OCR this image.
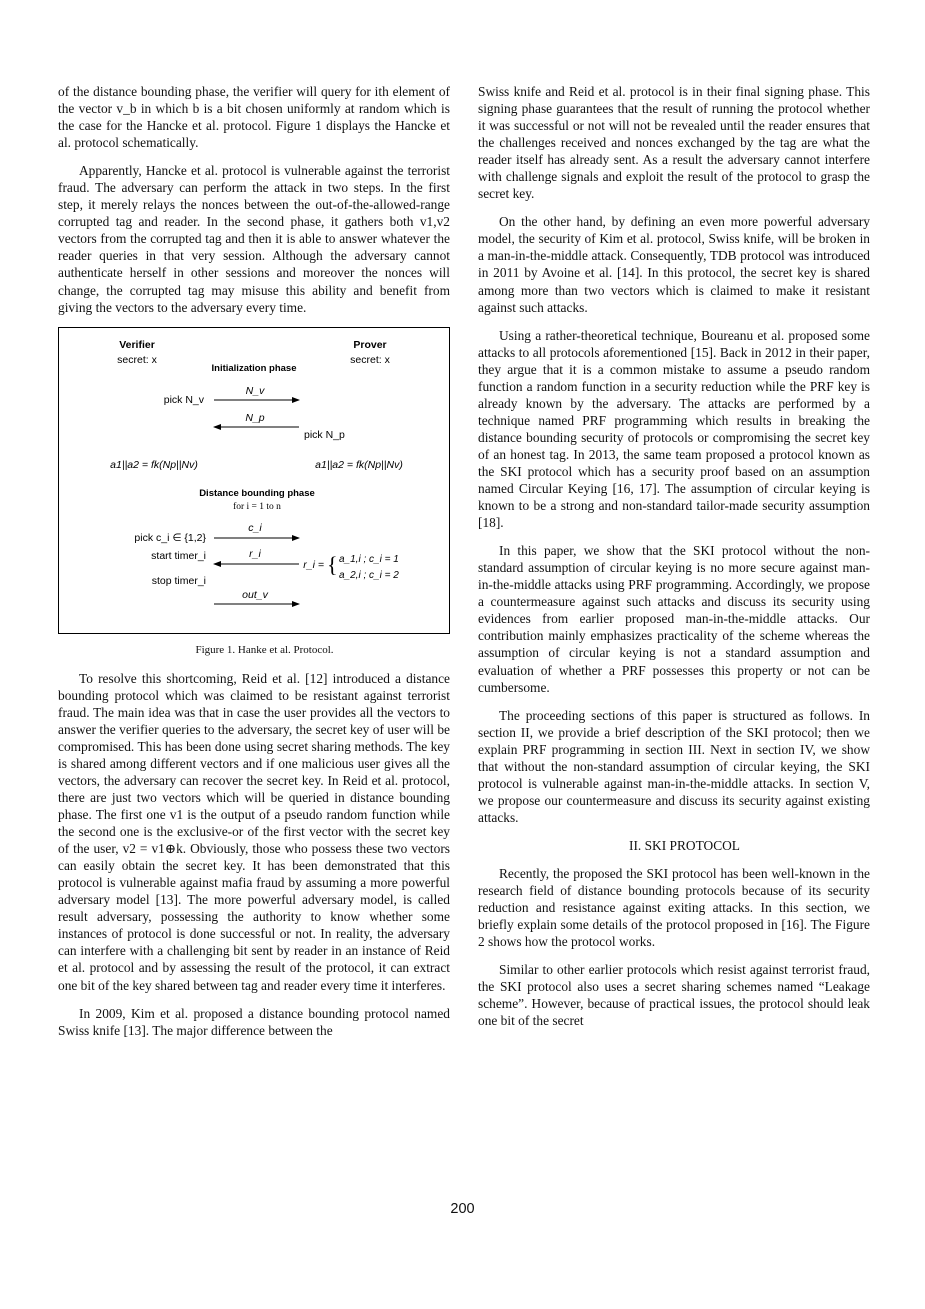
of the distance bounding phase, the verifier will query for ith element of the vector v_b in which b is a bit chosen uniformly at random which is the case for the Hancke et al. protocol. Figure 1 displays the Hancke et al. protocol schematically.

Apparently, Hancke et al. protocol is vulnerable against the terrorist fraud. The adversary can perform the attack in two steps. In the first step, it merely relays the nonces between the out-of-the-allowed-range corrupted tag and reader. In the second phase, it gathers both v1,v2 vectors from the corrupted tag and then it is able to answer whatever the reader queries in that very session. Although the adversary cannot authenticate herself in other sessions and moreover the nonces will change, the corrupted tag may misuse this ability and benefit from giving the vectors to the adversary every time.

Verifier
secret: x
Prover
secret: x
Initialization phase
N_v
pick N_v
N_p
pick N_p
a1||a2 = fk(Np||Nv)	a1||a2 = fk(Np||Nv)
Distance bounding phase
for i = 1 to n
c_i
pick c_i ∈ {1,2}
r_i
start timer_i
stop timer_i
r_i = { a_1,i ; c_i = 1
a_2,i ; c_i = 2
out_v

Figure 1. Hanke et al. Protocol.

To resolve this shortcoming, Reid et al. [12] introduced a distance bounding protocol which was claimed to be resistant against terrorist fraud. The main idea was that in case the user provides all the vectors to answer the verifier queries to the adversary, the secret key of user will be compromised. This has been done using secret sharing methods. The key is shared among different vectors and if one malicious user gives all the vectors, the adversary can recover the secret key. In Reid et al. protocol, there are just two vectors which will be queried in distance bounding phase. The first one v1 is the output of a pseudo random function while the second one is the exclusive-or of the first vector with the secret key of the user, v2 = v1⊕k. Obviously, those who possess these two vectors can easily obtain the secret key. It has been demonstrated that this protocol is vulnerable against mafia fraud by assuming a more powerful adversary model [13]. The more powerful adversary model, is called result adversary, possessing the authority to know whether some instances of protocol is done successful or not. In reality, the adversary can interfere with a challenging bit sent by reader in an instance of Reid et al. protocol and by assessing the result of the protocol, it can extract one bit of the key shared between tag and reader every time it interferes.

In 2009, Kim et al. proposed a distance bounding protocol named Swiss knife [13]. The major difference between the

Swiss knife and Reid et al. protocol is in their final signing phase. This signing phase guarantees that the result of running the protocol whether it was successful or not will not be revealed until the reader ensures that the challenges received and nonces exchanged by the tag are what the reader itself has already sent. As a result the adversary cannot interfere with challenge signals and exploit the result of the protocol to grasp the secret key.

On the other hand, by defining an even more powerful adversary model, the security of Kim et al. protocol, Swiss knife, will be broken in a man-in-the-middle attack. Consequently, TDB protocol was introduced in 2011 by Avoine et al. [14]. In this protocol, the secret key is shared among more than two vectors which is claimed to make it resistant against such attacks.

Using a rather-theoretical technique, Boureanu et al. proposed some attacks to all protocols aforementioned [15]. Back in 2012 in their paper, they argue that it is a common mistake to assume a pseudo random function a random function in a security reduction while the PRF key is already known by the adversary. The attacks are performed by a technique named PRF programming which results in breaking the distance bounding security of protocols or compromising the secret key of an honest tag. In 2013, the same team proposed a protocol known as the SKI protocol which has a security proof based on an assumption named Circular Keying [16, 17]. The assumption of circular keying is known to be a strong and non-standard tailor-made security assumption [18].

In this paper, we show that the SKI protocol without the non-standard assumption of circular keying is no more secure against man-in-the-middle attacks using PRF programming. Accordingly, we propose a countermeasure against such attacks and discuss its security using evidences from earlier proposed man-in-the-middle attacks. Our contribution mainly emphasizes practicality of the scheme whereas the assumption of circular keying is not a standard assumption and evaluation of whether a PRF possesses this property or not can be cumbersome.

The proceeding sections of this paper is structured as follows. In section II, we provide a brief description of the SKI protocol; then we explain PRF programming in section III. Next in section IV, we show that without the non-standard assumption of circular keying, the SKI protocol is vulnerable against man-in-the-middle attacks. In section V, we propose our countermeasure and discuss its security against existing attacks.

II. SKI PROTOCOL

Recently, the proposed the SKI protocol has been well-known in the research field of distance bounding protocols because of its security reduction and resistance against exiting attacks. In this section, we briefly explain some details of the protocol proposed in [16]. The Figure 2 shows how the protocol works.

Similar to other earlier protocols which resist against terrorist fraud, the SKI protocol also uses a secret sharing schemes named “Leakage scheme”. However, because of practical issues, the protocol should leak one bit of the secret

200
